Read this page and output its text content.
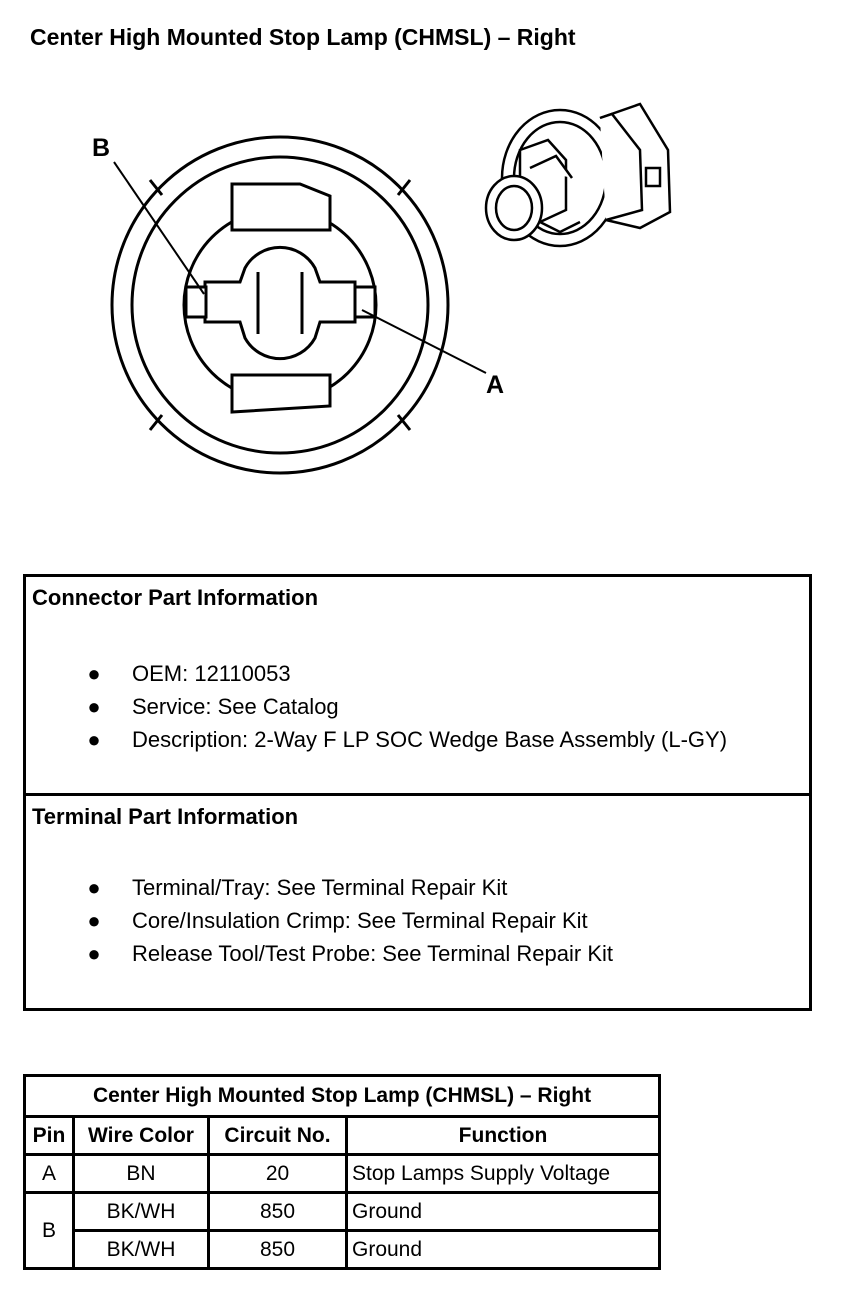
Center High Mounted Stop Lamp (CHMSL) – Right
B
A
Connector Part Information
● OEM: 12110053
● Service: See Catalog
● Description: 2-Way F LP SOC Wedge Base Assembly (L-GY)
Terminal Part Information
● Terminal/Tray: See Terminal Repair Kit
● Core/Insulation Crimp: See Terminal Repair Kit
● Release Tool/Test Probe: See Terminal Repair Kit
Center High Mounted Stop Lamp (CHMSL) – Right			
Pin	Wire Color	Circuit No.	Function
A	BN	20	Stop Lamps Supply Voltage
B	BK/WH	850	Ground
	BK/WH	850	Ground
